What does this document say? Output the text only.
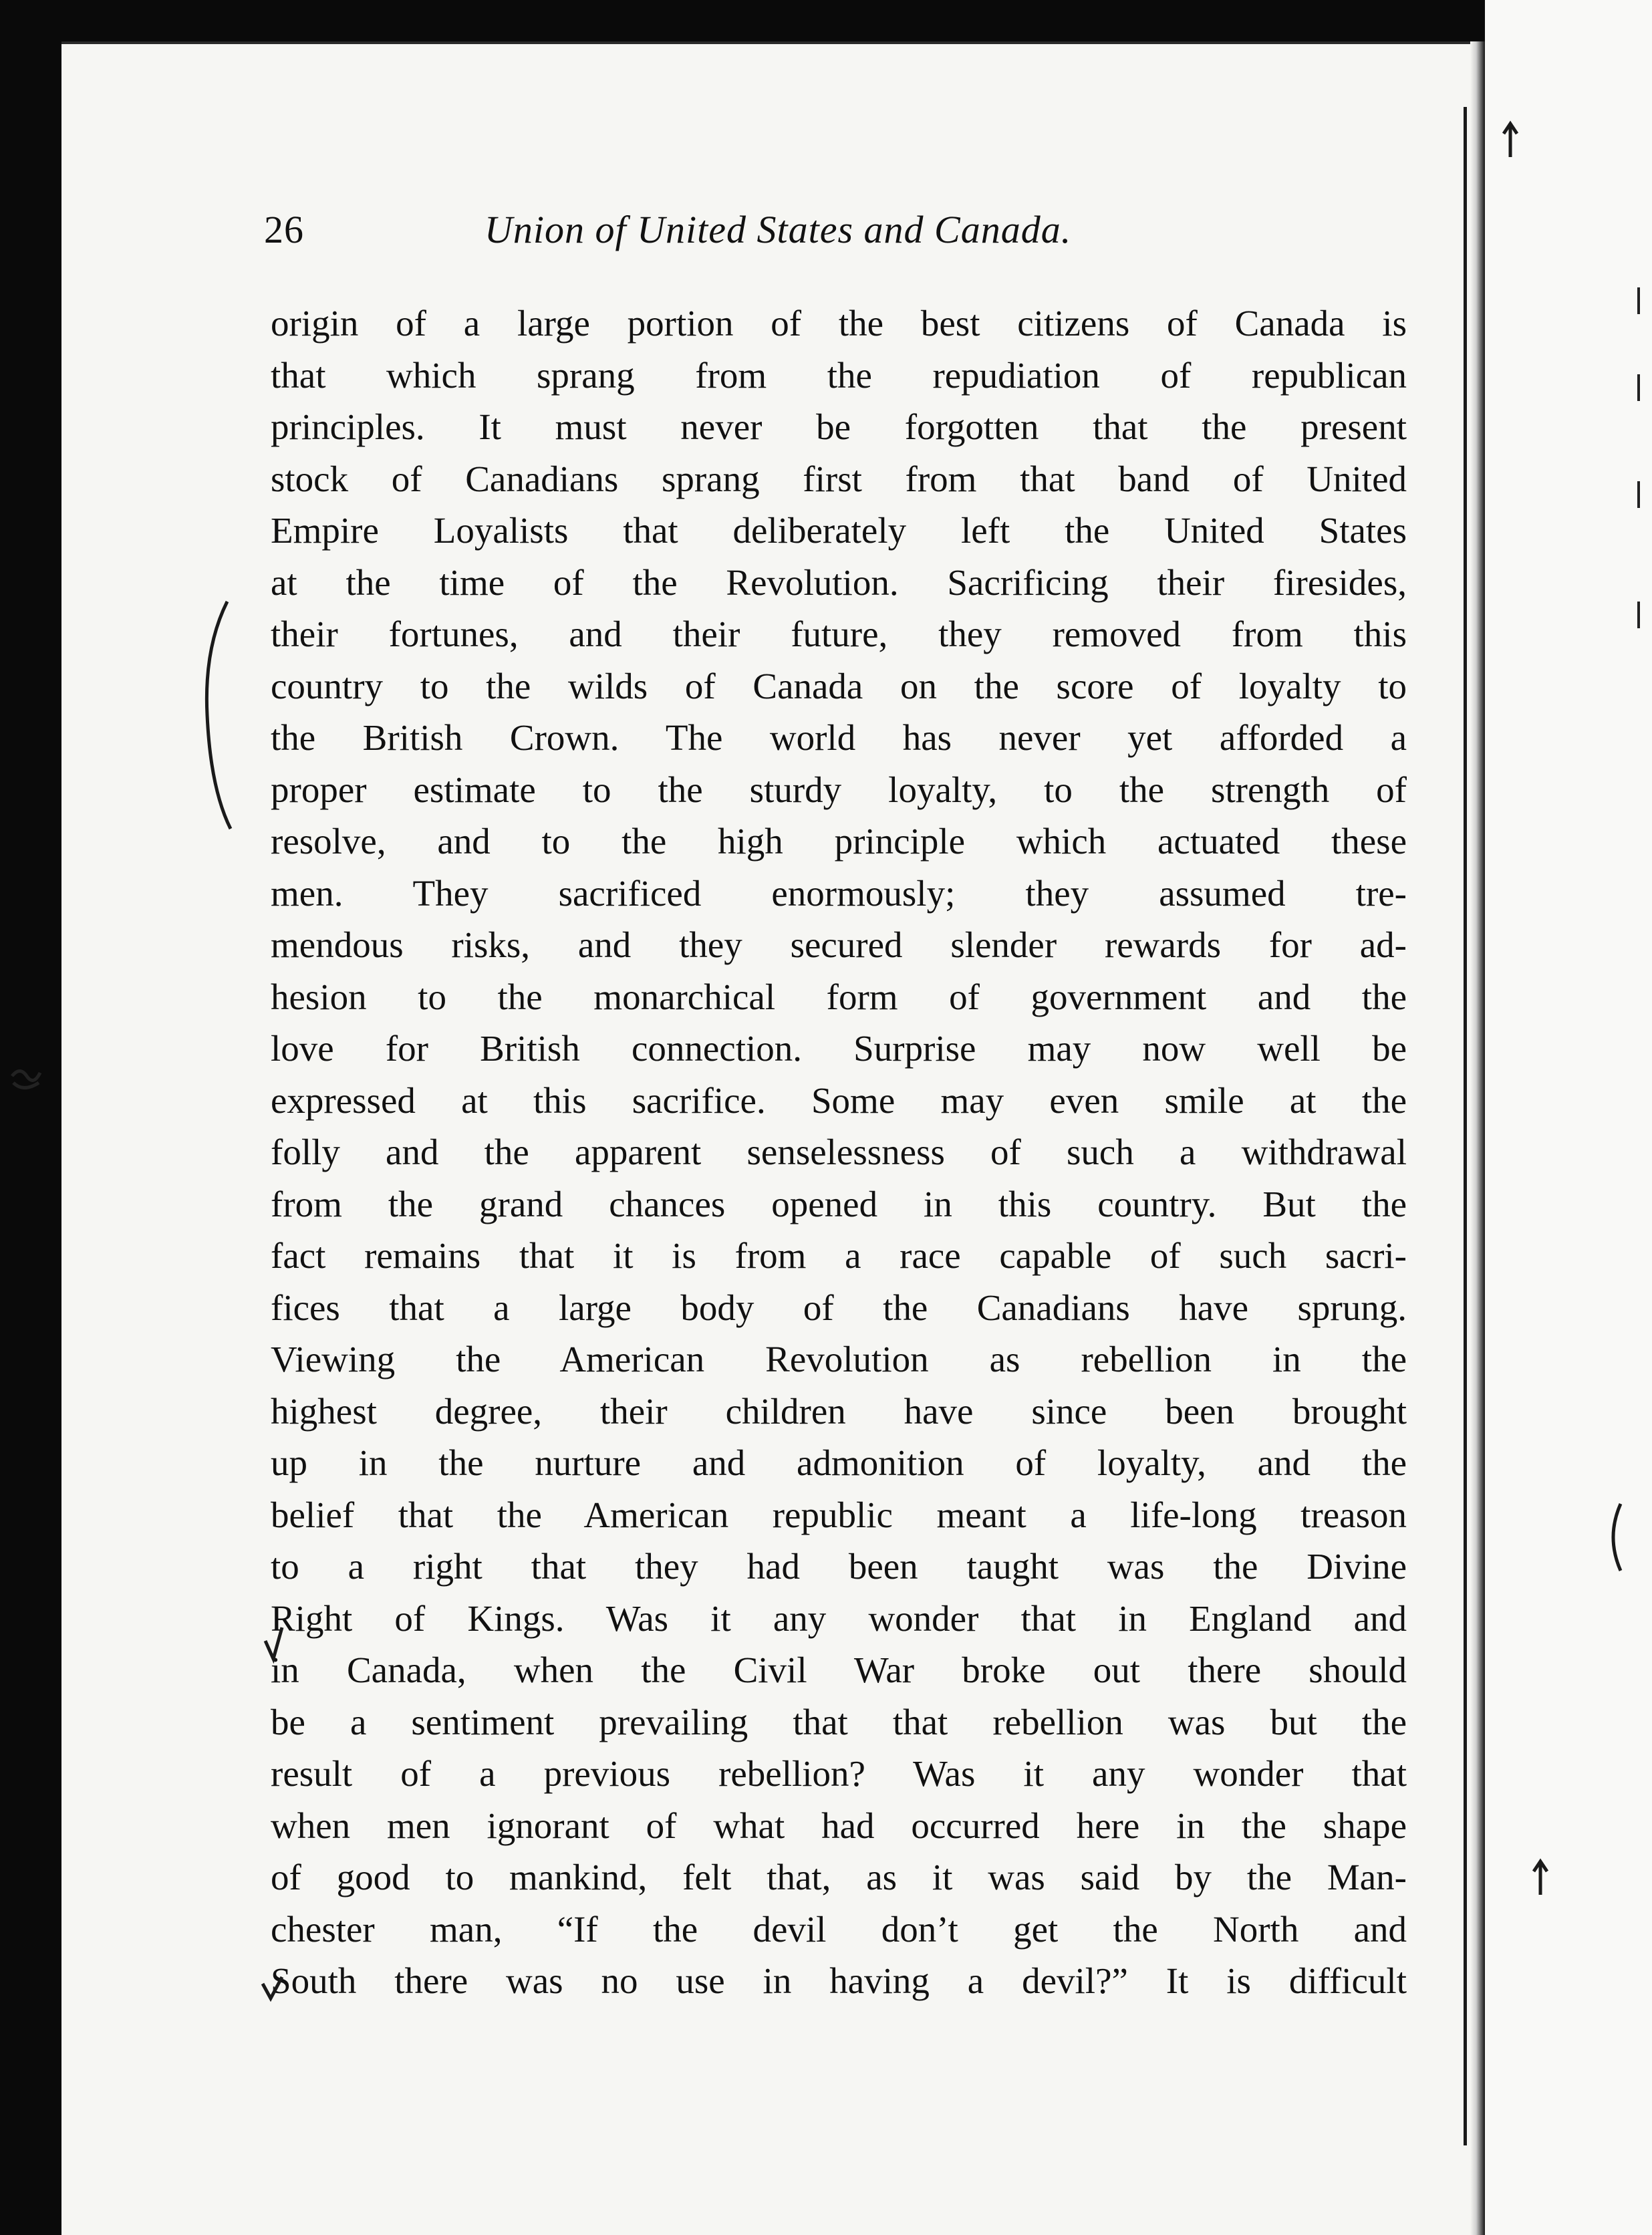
26	Union of United States and Canada.
origin of a large portion of the best citizens of Canada is
that which sprang from the repudiation of republican
principles. It must never be forgotten that the present
stock of Canadians sprang first from that band of United
Empire Loyalists that deliberately left the United States
at the time of the Revolution. Sacrificing their firesides,
their fortunes, and their future, they removed from this
country to the wilds of Canada on the score of loyalty to
the British Crown. The world has never yet afforded a
proper estimate to the sturdy loyalty, to the strength of
resolve, and to the high principle which actuated these
men. They sacrificed enormously; they assumed tre-
mendous risks, and they secured slender rewards for ad-
hesion to the monarchical form of government and the
love for British connection. Surprise may now well be
expressed at this sacrifice. Some may even smile at the
folly and the apparent senselessness of such a withdrawal
from the grand chances opened in this country. But the
fact remains that it is from a race capable of such sacri-
fices that a large body of the Canadians have sprung.
Viewing the American Revolution as rebellion in the
highest degree, their children have since been brought
up in the nurture and admonition of loyalty, and the
belief that the American republic meant a life-long treason
to a right that they had been taught was the Divine
Right of Kings. Was it any wonder that in England and
in Canada, when the Civil War broke out there should
be a sentiment prevailing that that rebellion was but the
result of a previous rebellion? Was it any wonder that
when men ignorant of what had occurred here in the shape
of good to mankind, felt that, as it was said by the Man-
chester man, “If the devil don’t get the North and
South there was no use in having a devil?” It is difficult
